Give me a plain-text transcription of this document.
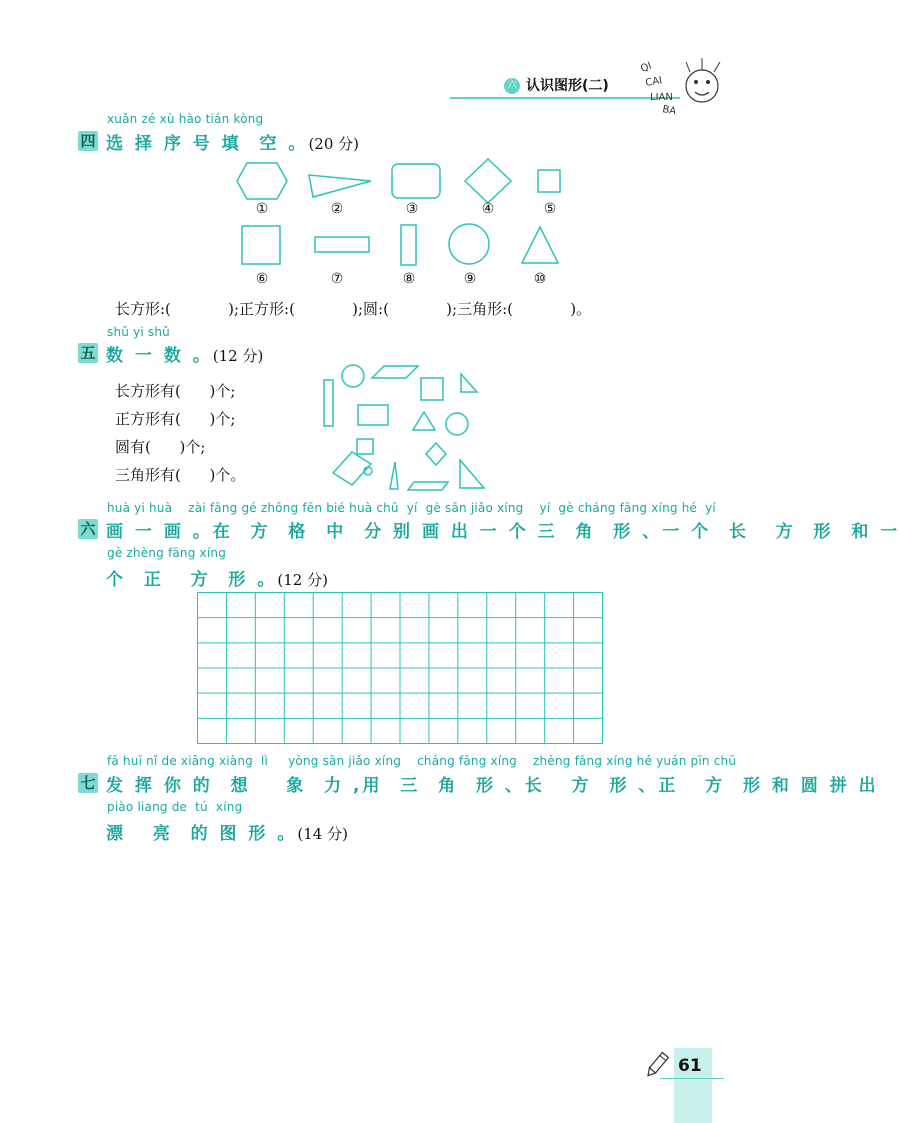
六 认识图形(二)
QI
CAI
LIAN
BA
xuǎn zé xù hào tián kòng
四 选 择 序 号 填  空 。(20 分)
①	②	③	④	⑤
⑥	⑦	⑧	⑨	⑩
长方形:(            );正方形:(            );圆:(            );三角形:(            )。
shǔ yi shǔ
五 数 一 数 。(12 分)
长方形有(      )个;
正方形有(      )个;
圆有(      )个;
三角形有(      )个。
huà yi huà    zài fāng gé zhōng fēn bié huà chū  yí  gè sān jiǎo xíng    yí  gè cháng fāng xíng hé  yí
六 画 一 画 。在  方  格  中  分 别 画 出 一 个 三  角  形 、一 个  长   方  形  和 一
gè zhèng fāng xíng
个  正   方  形 。(12 分)
fā huī nǐ de xiǎng xiàng  lì     yòng sān jiǎo xíng    cháng fāng xíng    zhèng fāng xíng hé yuán pīn chū
七 发 挥 你 的  想    象  力 ,用  三  角  形 、长   方  形 、正   方  形 和 圆 拼 出
piào liang de  tú  xíng
漂   亮  的 图 形 。(14 分)
61
